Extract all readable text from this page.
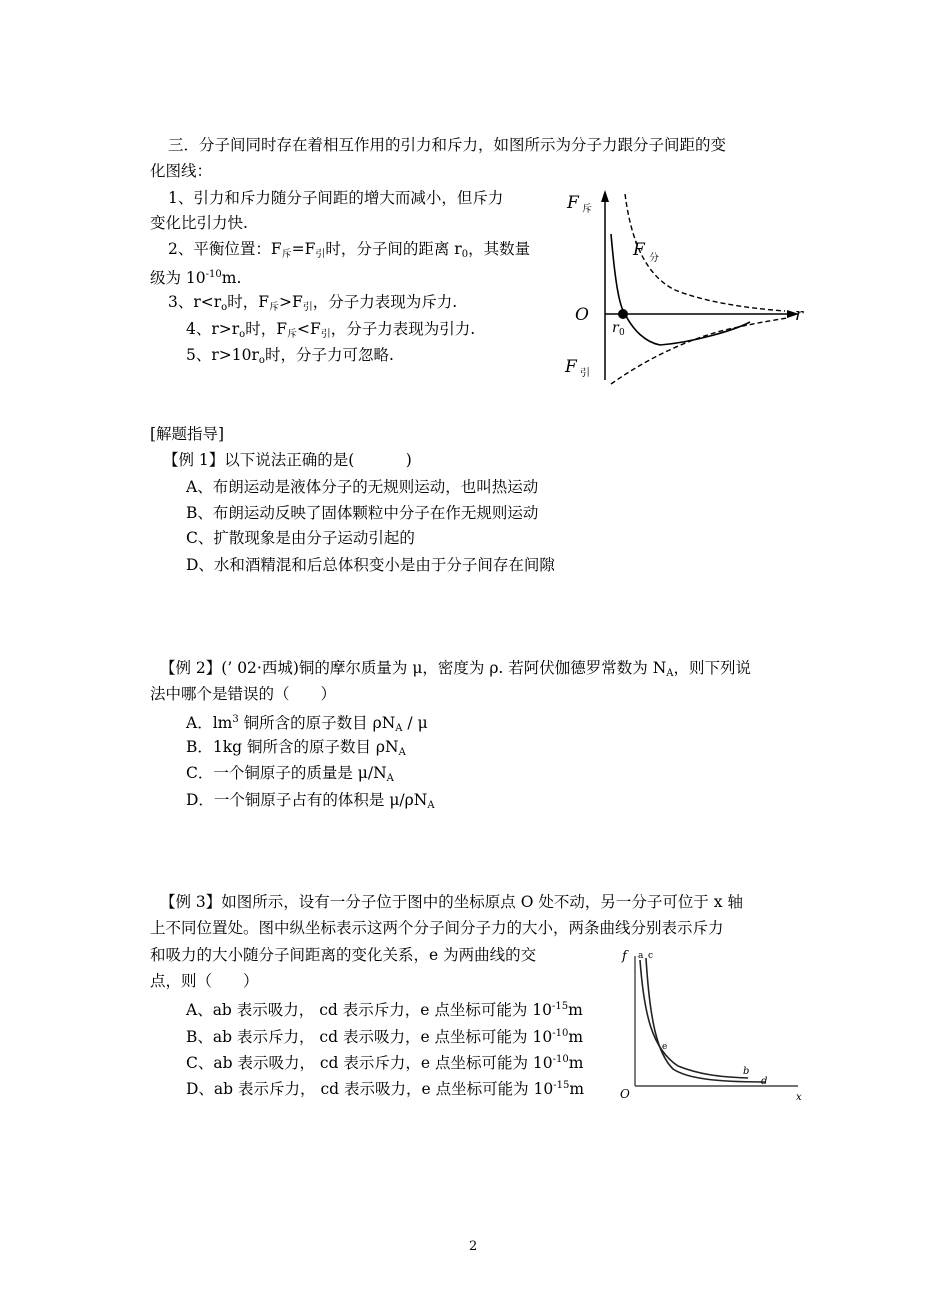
三．分子间同时存在着相互作用的引力和斥力，如图所示为分子力跟分子间距的变
化图线：
1、引力和斥力随分子间距的增大而减小，但斥力
变化比引力快.
2、平衡位置：$F_斥=F_引$时，分子间的距离 $r_0$，其数量
级为 $10^{-10}m$.
3、$r<r_o$时，$F_斥>F_引$，分子力表现为斥力.
4、$r>r_o$时，$F_斥<F_引$，分子力表现为引力.
5、$r>10r_o$时，分子力可忽略.
F 斥
F 分
O
r 0
r
F 引
[解题指导]
【例 1】以下说法正确的是(　　　 )
A、布朗运动是液体分子的无规则运动，也叫热运动
B、布朗运动反映了固体颗粒中分子在作无规则运动
C、扩散现象是由分子运动引起的
D、水和酒精混和后总体积变小是由于分子间存在间隙
【例 2】(’ 02·西城)铜的摩尔质量为 μ，密度为 ρ. 若阿伏伽德罗常数为 $N_A$，则下列说
法中哪个是错误的（　　）
A．$lm^3$ 铜所含的原子数目 $\rho N_A$ / μ
B．1kg 铜所含的原子数目 $\rho N_A$
C．一个铜原子的质量是 $\mu/N_A$
D．一个铜原子占有的体积是 $\mu/\rho N_A$
【例 3】如图所示，设有一分子位于图中的坐标原点 O 处不动，另一分子可位于 x 轴
上不同位置处。图中纵坐标表示这两个分子间分子力的大小，两条曲线分别表示斥力
和吸力的大小随分子间距离的变化关系，e 为两曲线的交
点，则（　　）
A、ab 表示吸力， cd 表示斥力，e 点坐标可能为 $10^{-15}m$
B、ab 表示斥力， cd 表示吸力，e 点坐标可能为 $10^{-10}m$
C、ab 表示吸力， cd 表示斥力，e 点坐标可能为 $10^{-10}m$
D、ab 表示斥力， cd 表示吸力，e 点坐标可能为 $10^{-15}m$
f a c
e
b
d
O	x
2
